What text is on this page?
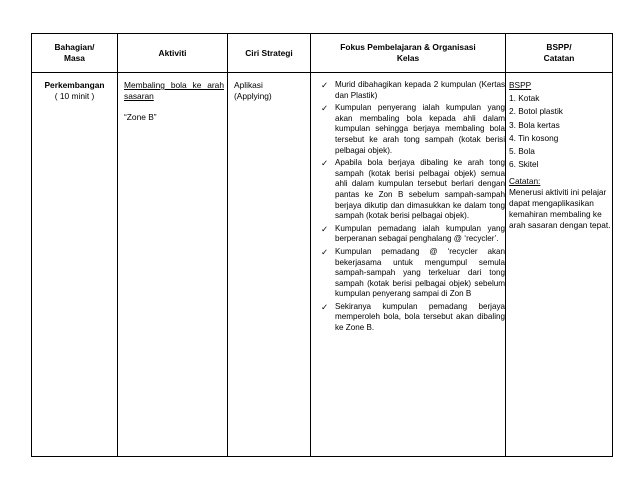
Bahagian/
Masa
Aktiviti	Ciri Strategi
Fokus Pembelajaran & Organisasi
Kelas
BSPP/
Catatan
Perkembangan
( 10 minit )
Membaling bola ke arah sasaran
“Zone B”
Aplikasi
(Applying)
✓ Murid dibahagikan kepada 2 kumpulan (Kertas dan Plastik)
✓ Kumpulan penyerang ialah kumpulan yang akan membaling bola kepada ahli dalam kumpulan sehingga berjaya membaling bola tersebut ke arah tong sampah (kotak berisi pelbagai objek).
✓ Apabila bola berjaya dibaling ke arah tong sampah (kotak berisi pelbagai objek) semua ahli dalam kumpulan tersebut berlari dengan pantas ke Zon B sebelum sampah-sampah berjaya dikutip dan dimasukkan ke dalam tong sampah (kotak berisi pelbagai objek).
✓ Kumpulan pemadang ialah kumpulan yang berperanan sebagai penghalang @ ‘recycler’.
✓ Kumpulan pemadang @ ‘recycler akan bekerjasama untuk mengumpul semula sampah-sampah yang terkeluar dari tong sampah (kotak berisi pelbagai objek) sebelum kumpulan penyerang sampai di Zon B
✓ Sekiranya kumpulan pemadang berjaya memperoleh bola, bola tersebut akan dibaling ke Zone B.
BSPP
1. Kotak
2. Botol plastik
3. Bola kertas
4. Tin kosong
5. Bola
6. Skitel
Catatan:
Menerusi aktiviti ini pelajar dapat mengaplikasikan kemahiran membaling ke arah sasaran dengan tepat.
